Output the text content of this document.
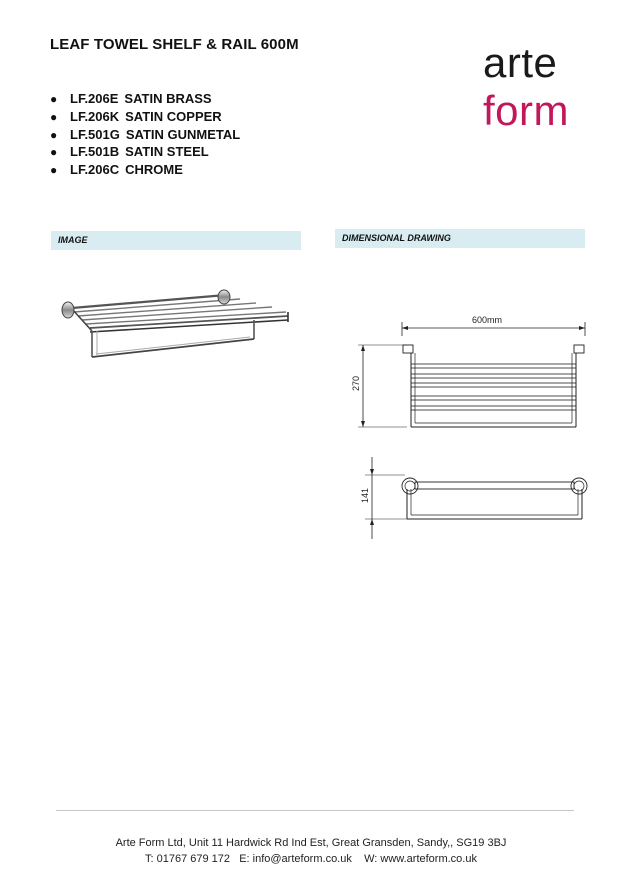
LEAF TOWEL SHELF & RAIL 600M	arte
form
● LF.206E SATIN BRASS
● LF.206K SATIN COPPER
● LF.501G SATIN GUNMETAL
● LF.501B SATIN STEEL
● LF.206C CHROME
IMAGE	DIMENSIONAL DRAWING
600mm
270
141
Arte Form Ltd, Unit 11 Hardwick Rd Ind Est, Great Gransden, Sandy,, SG19 3BJ
T: 01767 679 172 E: info@arteform.co.uk W: www.arteform.co.uk
